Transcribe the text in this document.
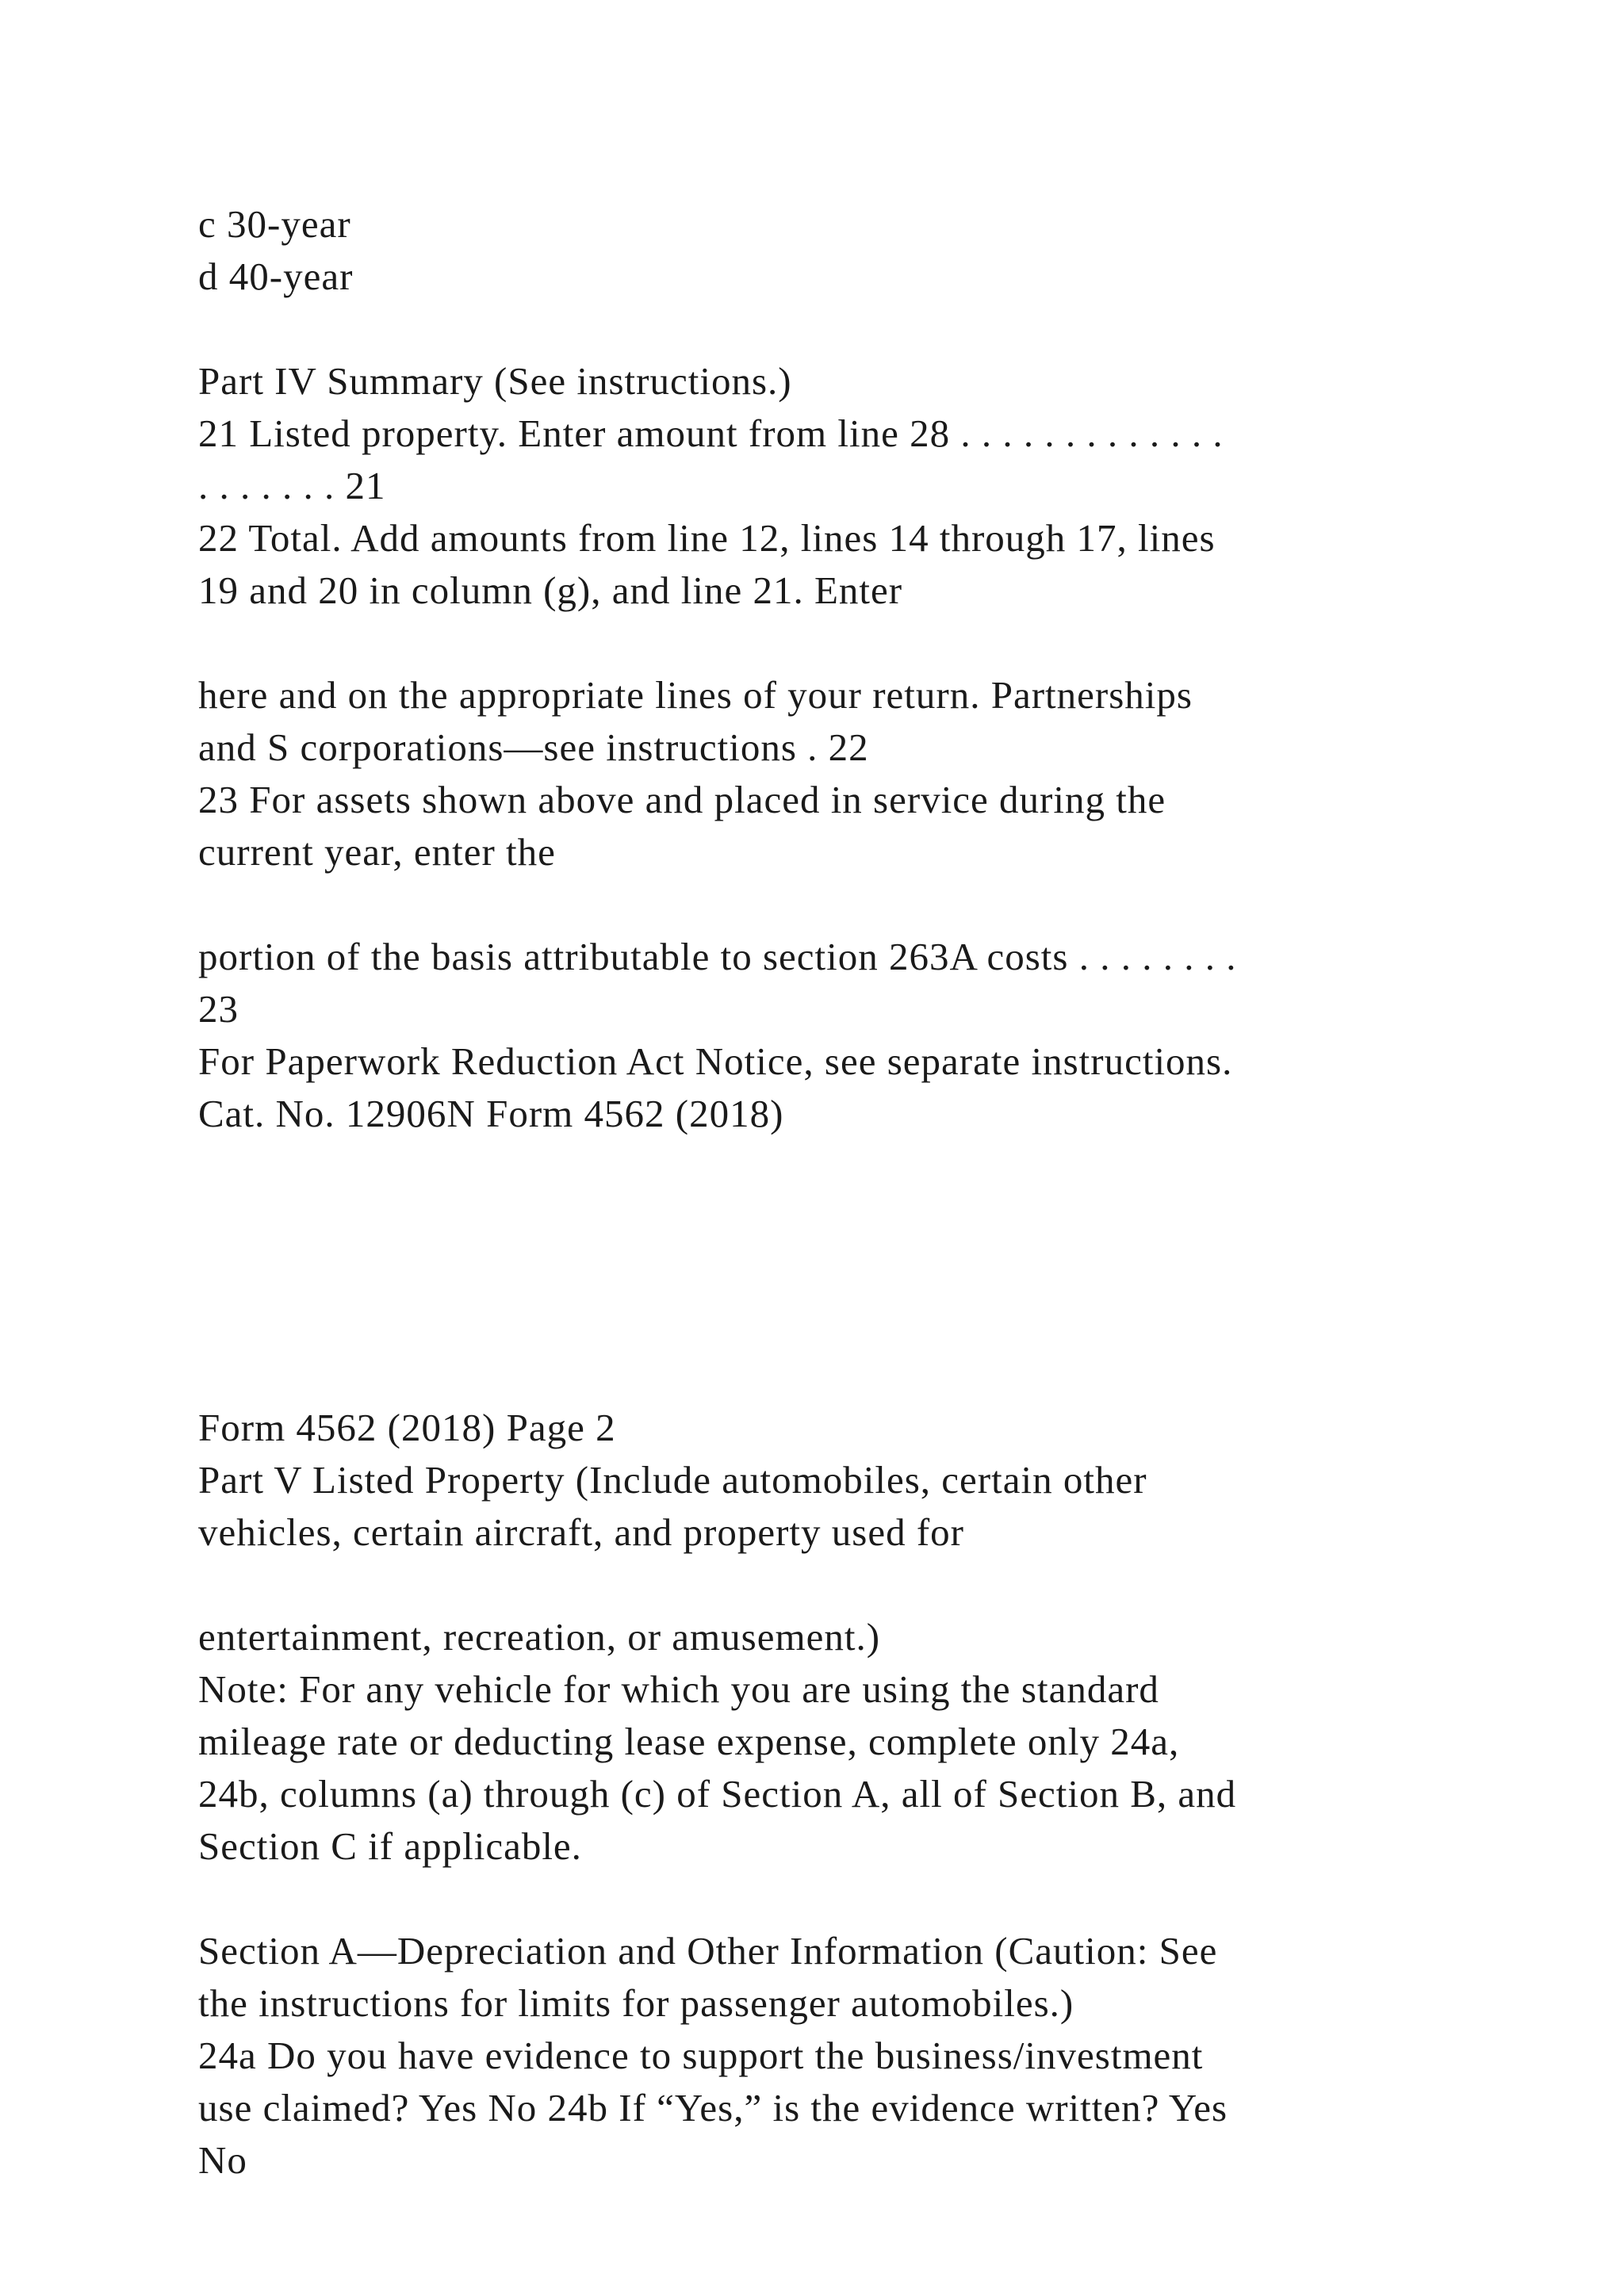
c 30-year
d 40-year
Part IV Summary (See instructions.)
21 Listed property. Enter amount from line 28 . . . . . . . . . . . . .
. . . . . . . 21
22 Total. Add amounts from line 12, lines 14 through 17, lines
19 and 20 in column (g), and line 21. Enter
here and on the appropriate lines of your return. Partnerships
and S corporations—see instructions . 22
23 For assets shown above and placed in service during the
current year, enter the
portion of the basis attributable to section 263A costs . . . . . . . .
23
For Paperwork Reduction Act Notice, see separate instructions.
Cat. No. 12906N Form 4562 (2018)
Form 4562 (2018) Page 2
Part V Listed Property (Include automobiles, certain other
vehicles, certain aircraft, and property used for
entertainment, recreation, or amusement.)
Note: For any vehicle for which you are using the standard
mileage rate or deducting lease expense, complete only 24a,
24b, columns (a) through (c) of Section A, all of Section B, and
Section C if applicable.
Section A—Depreciation and Other Information (Caution: See
the instructions for limits for passenger automobiles.)
24a Do you have evidence to support the business/investment
use claimed? Yes No 24b If “Yes,” is the evidence written? Yes
No
